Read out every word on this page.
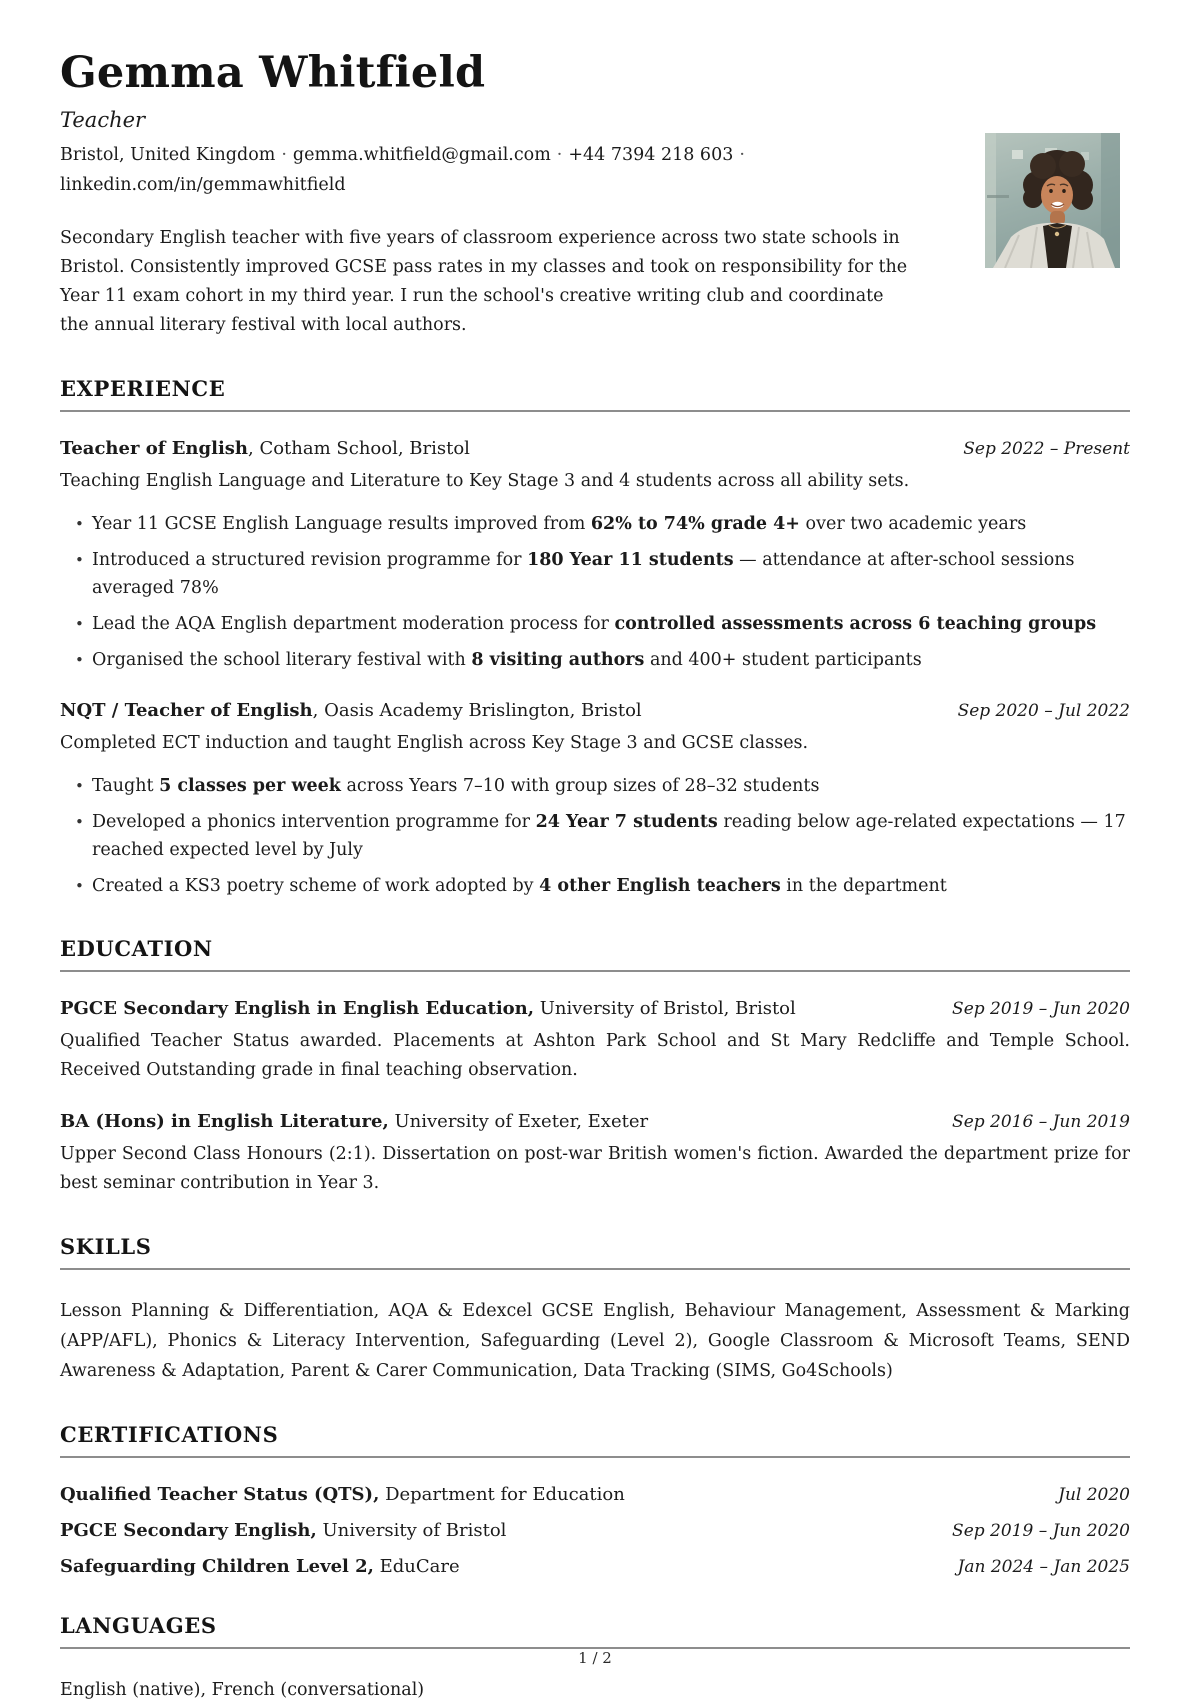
Gemma Whitfield

Teacher

Bristol, United Kingdom · gemma.whitfield@gmail.com · +44 7394 218 603 ·
linkedin.com/in/gemmawhitfield

Secondary English teacher with five years of classroom experience across two state schools in Bristol. Consistently improved GCSE pass rates in my classes and took on responsibility for the Year 11 exam cohort in my third year. I run the school's creative writing club and coordinate the annual literary festival with local authors.

EXPERIENCE
Teacher of English, Cotham School, Bristol	Sep 2022 – Present

Teaching English Language and Literature to Key Stage 3 and 4 students across all ability sets.

• Year 11 GCSE English Language results improved from 62% to 74% grade 4+ over two academic years
• Introduced a structured revision programme for 180 Year 11 students — attendance at after-school sessions averaged 78%
• Lead the AQA English department moderation process for controlled assessments across 6 teaching groups
• Organised the school literary festival with 8 visiting authors and 400+ student participants
NQT / Teacher of English, Oasis Academy Brislington, Bristol	Sep 2020 – Jul 2022

Completed ECT induction and taught English across Key Stage 3 and GCSE classes.

• Taught 5 classes per week across Years 7–10 with group sizes of 28–32 students
• Developed a phonics intervention programme for 24 Year 7 students reading below age-related expectations — 17 reached expected level by July
• Created a KS3 poetry scheme of work adopted by 4 other English teachers in the department
EDUCATION
PGCE Secondary English in English Education, University of Bristol, Bristol	Sep 2019 – Jun 2020

Qualified Teacher Status awarded. Placements at Ashton Park School and St Mary Redcliffe and Temple School. Received Outstanding grade in final teaching observation.

BA (Hons) in English Literature, University of Exeter, Exeter	Sep 2016 – Jun 2019

Upper Second Class Honours (2:1). Dissertation on post-war British women's fiction. Awarded the department prize for best seminar contribution in Year 3.

SKILLS

Lesson Planning & Differentiation, AQA & Edexcel GCSE English, Behaviour Management, Assessment & Marking (APP/AFL), Phonics & Literacy Intervention, Safeguarding (Level 2), Google Classroom & Microsoft Teams, SEND Awareness & Adaptation, Parent & Carer Communication, Data Tracking (SIMS, Go4Schools)

CERTIFICATIONS
Qualified Teacher Status (QTS), Department for Education	Jul 2020
PGCE Secondary English, University of Bristol	Sep 2019 – Jun 2020
Safeguarding Children Level 2, EduCare	Jan 2024 – Jan 2025
LANGUAGES

English (native), French (conversational)

1 / 2
